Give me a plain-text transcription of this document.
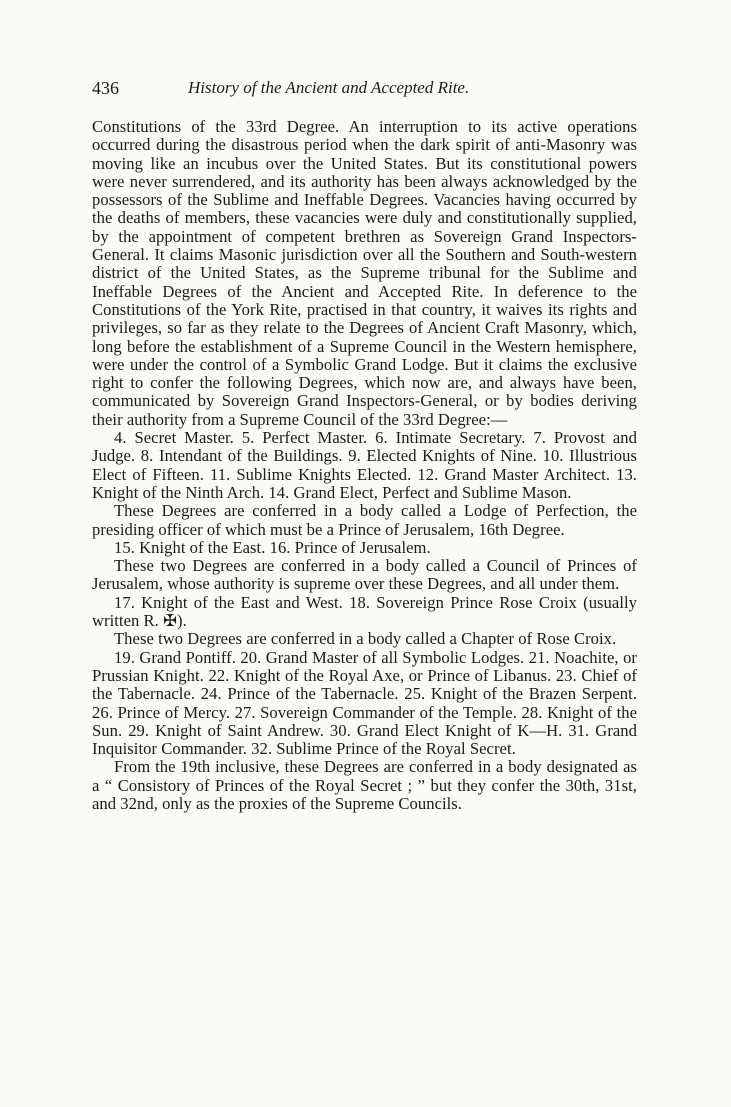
436	History of the Ancient and Accepted Rite.

Constitutions of the 33rd Degree. An interruption to its active operations occurred during the disastrous period when the dark spirit of anti-Masonry was moving like an incubus over the United States. But its constitutional powers were never surrendered, and its authority has been always acknowledged by the possessors of the Sublime and Ineffable Degrees. Vacancies having occurred by the deaths of members, these vacancies were duly and constitutionally supplied, by the appointment of competent brethren as Sovereign Grand Inspectors-General. It claims Masonic jurisdiction over all the Southern and South-western district of the United States, as the Supreme tribunal for the Sublime and Ineffable Degrees of the Ancient and Accepted Rite. In deference to the Constitutions of the York Rite, practised in that country, it waives its rights and privileges, so far as they relate to the Degrees of Ancient Craft Masonry, which, long before the establishment of a Supreme Council in the Western hemisphere, were under the control of a Symbolic Grand Lodge. But it claims the exclusive right to confer the following Degrees, which now are, and always have been, communicated by Sovereign Grand Inspectors-General, or by bodies deriving their authority from a Supreme Council of the 33rd Degree:—

4. Secret Master. 5. Perfect Master. 6. Intimate Secretary. 7. Provost and Judge. 8. Intendant of the Buildings. 9. Elected Knights of Nine. 10. Illustrious Elect of Fifteen. 11. Sublime Knights Elected. 12. Grand Master Architect. 13. Knight of the Ninth Arch. 14. Grand Elect, Perfect and Sublime Mason.

These Degrees are conferred in a body called a Lodge of Perfection, the presiding officer of which must be a Prince of Jerusalem, 16th Degree.

15. Knight of the East. 16. Prince of Jerusalem.

These two Degrees are conferred in a body called a Council of Princes of Jerusalem, whose authority is supreme over these Degrees, and all under them.

17. Knight of the East and West. 18. Sovereign Prince Rose Croix (usually written R. ✠).

These two Degrees are conferred in a body called a Chapter of Rose Croix.

19. Grand Pontiff. 20. Grand Master of all Symbolic Lodges. 21. Noachite, or Prussian Knight. 22. Knight of the Royal Axe, or Prince of Libanus. 23. Chief of the Tabernacle. 24. Prince of the Tabernacle. 25. Knight of the Brazen Serpent. 26. Prince of Mercy. 27. Sovereign Commander of the Temple. 28. Knight of the Sun. 29. Knight of Saint Andrew. 30. Grand Elect Knight of K—H. 31. Grand Inquisitor Commander. 32. Sublime Prince of the Royal Secret.

From the 19th inclusive, these Degrees are conferred in a body designated as a “ Consistory of Princes of the Royal Secret ; ” but they confer the 30th, 31st, and 32nd, only as the proxies of the Supreme Councils.
